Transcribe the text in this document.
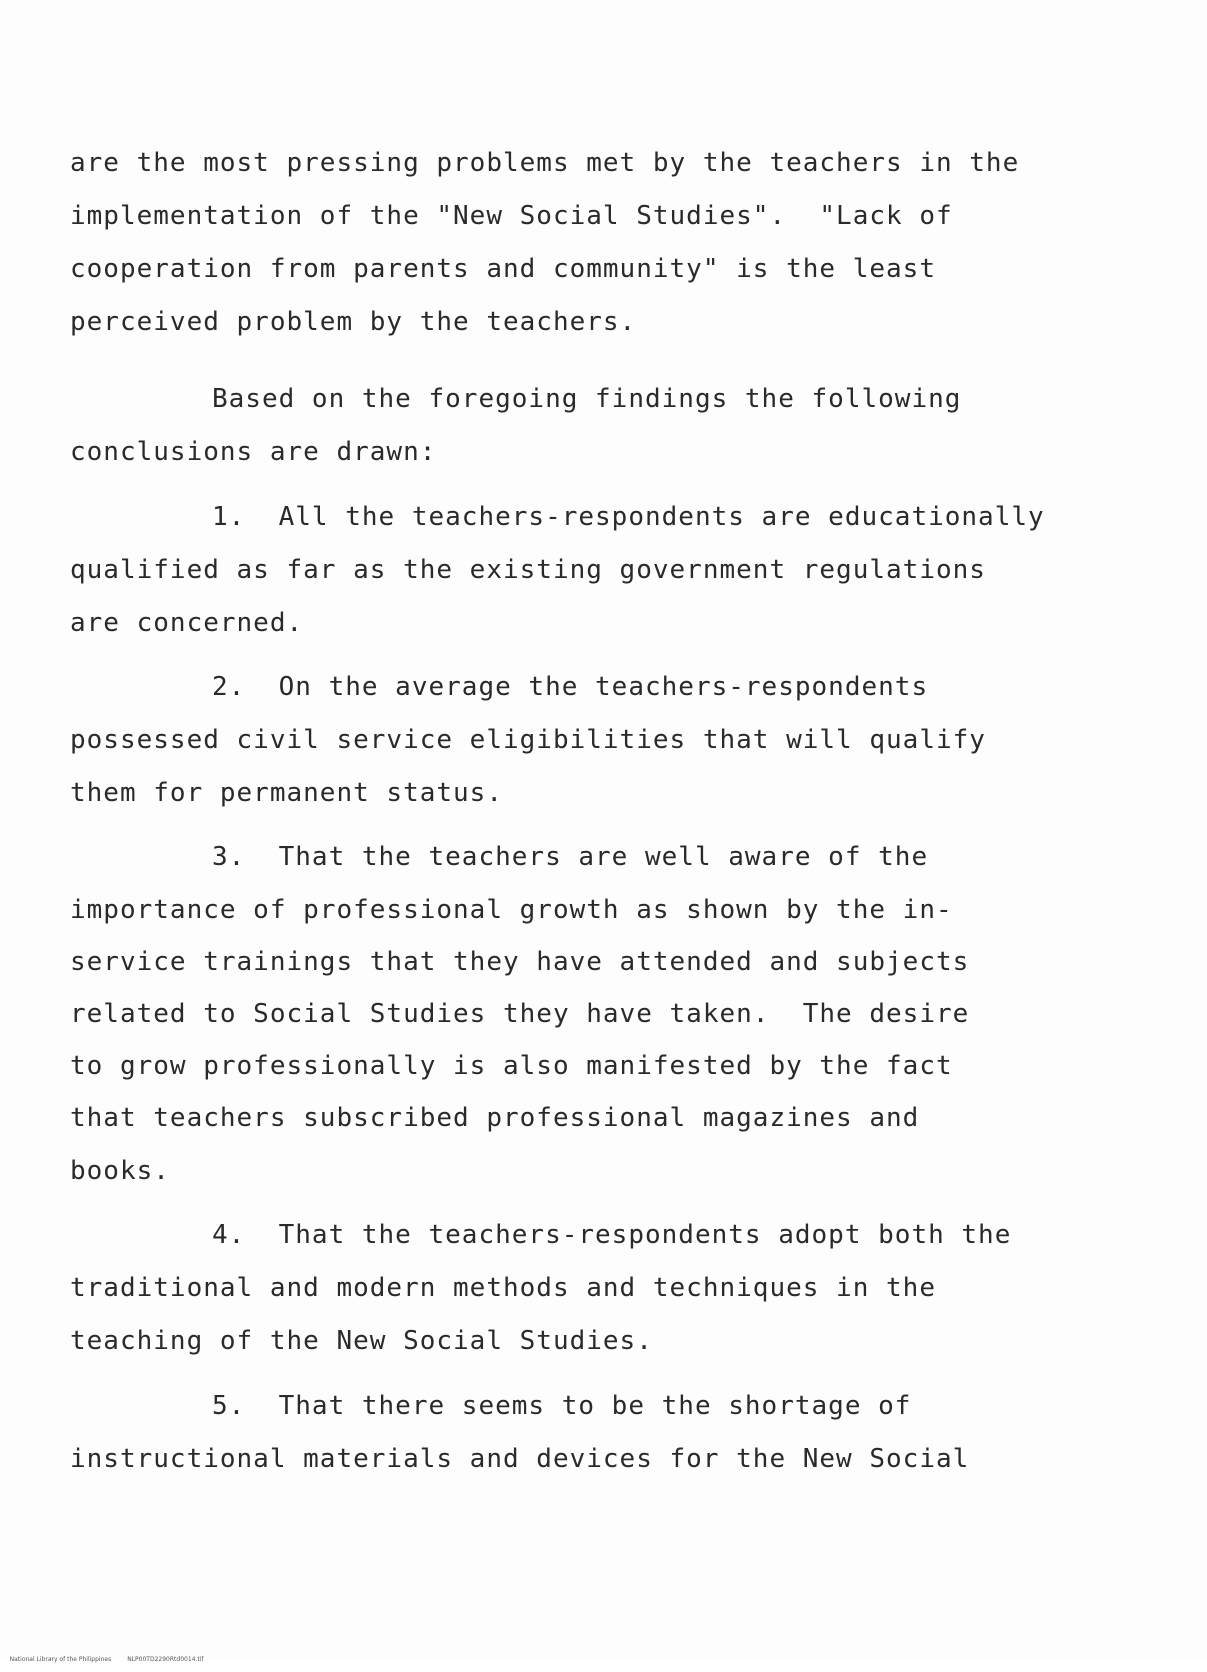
are the most pressing problems met by the teachers in the
implementation of the "New Social Studies".  "Lack of
cooperation from parents and community" is the least
perceived problem by the teachers.
Based on the foregoing findings the following
conclusions are drawn:
1.  All the teachers-respondents are educationally
qualified as far as the existing government regulations
are concerned.
2.  On the average the teachers-respondents
possessed civil service eligibilities that will qualify
them for permanent status.
3.  That the teachers are well aware of the
importance of professional growth as shown by the in-
service trainings that they have attended and subjects
related to Social Studies they have taken.  The desire
to grow professionally is also manifested by the fact
that teachers subscribed professional magazines and
books.
4.  That the teachers-respondents adopt both the
traditional and modern methods and techniques in the
teaching of the New Social Studies.
5.  That there seems to be the shortage of
instructional materials and devices for the New Social

National Library of the Philippines	NLP00TD2290Rtd0014.tif
